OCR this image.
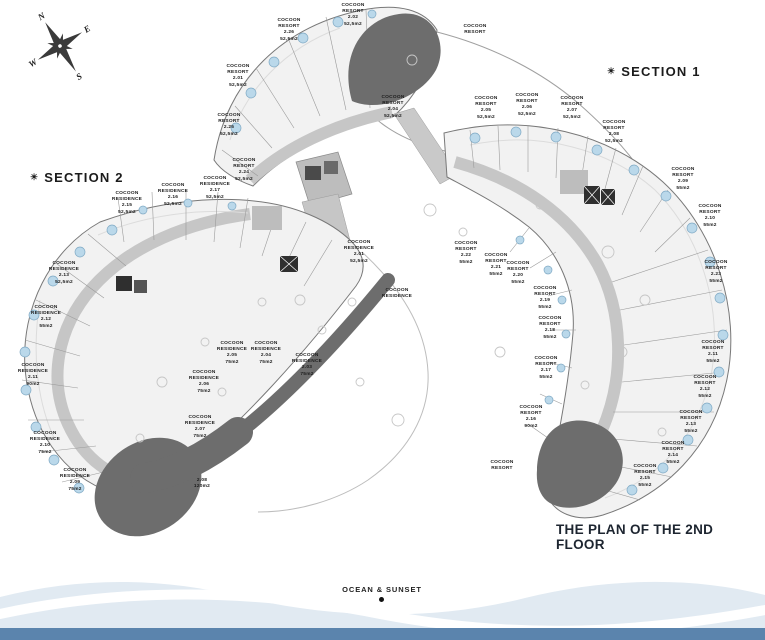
N
E
S
W
☀ SECTION 2
☀ SECTION 1
THE PLAN OF THE 2ND FLOOR
OCEAN & SUNSET
COCOON
RESORT
2.01
52,5m2
COCOON
RESORT
2.02
52,5m2
COCOON
RESORT
2.26
52,5m2
COCOON
RESORT
2.25
52,5m2
COCOON
RESORT
2.24
52,5m2
COCOON
RESORT
2.04
52,5m2
COCOON
RESORT
2.05
52,5m2
COCOON
RESORT
2.06
52,5m2
COCOON
RESORT
2.07
52,5m2
COCOON
RESORT
2.08
52,5m2
COCOON
RESORT
2.09
55m2
COCOON
RESORT
2.10
55m2
COCOON
RESORT
2.23
55m2
COCOON
RESORT
2.11
55m2
COCOON
RESORT
2.12
55m2
COCOON
RESORT
2.13
55m2
COCOON
RESORT
2.14
55m2
COCOON
RESORT
2.15
55m2
COCOON
RESORT
2.16
90m2
COCOON
RESORT
2.17
55m2
COCOON
RESORT
2.18
55m2
COCOON
RESORT
2.19
55m2
COCOON
RESORT
2.20
55m2
COCOON
RESORT
2.21
55m2
COCOON
RESORT
2.22
55m2
COCOON
RESIDENCE
2.15
52,5m2
COCOON
RESIDENCE
2.16
52,5m2
COCOON
RESIDENCE
2.17
52,5m2
COCOON
RESIDENCE
2.13
52,5m2
COCOON
RESIDENCE
2.12
55m2
COCOON
RESIDENCE
2.11
90m2
COCOON
RESIDENCE
2.10
75m2
COCOON
RESIDENCE
2.09
75m2
COCOON
RESIDENCE
2.01
52,5m2
COCOON
RESIDENCE
2.03
75m2
COCOON
RESIDENCE
2.04
75m2
COCOON
RESIDENCE
2.05
75m2
COCOON
RESIDENCE
2.06
75m2
COCOON
RESIDENCE
2.07
75m2
2.08
120m2
COCOON
RESORT
COCOON
RESORT
COCOON
RESIDENCE
